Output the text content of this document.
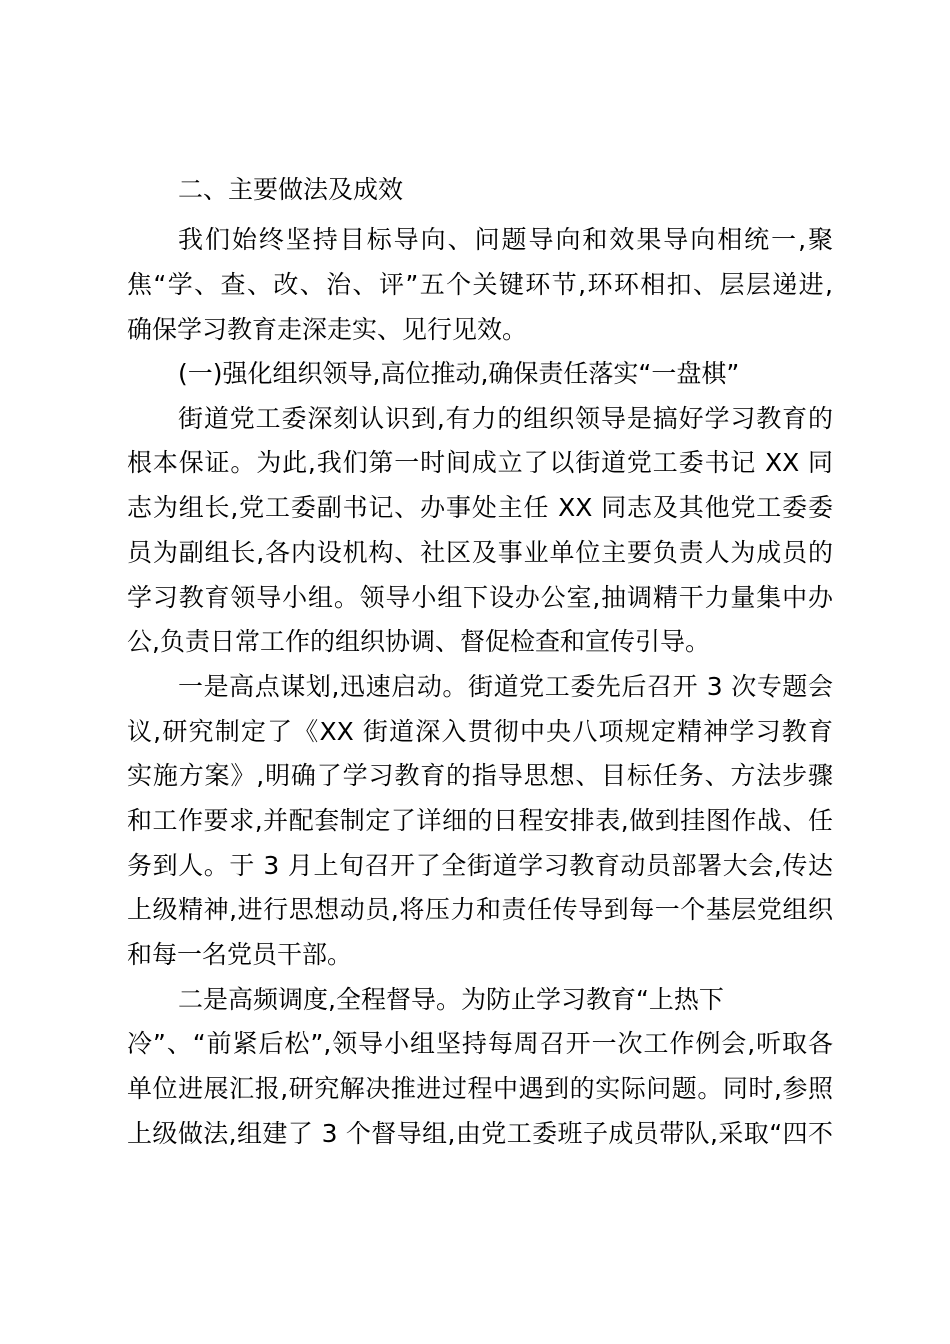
二、主要做法及成效
我们始终坚持目标导向、问题导向和效果导向相统一,聚
焦“学、查、改、治、评”五个关键环节,环环相扣、层层递进,
确保学习教育走深走实、见行见效。
(一)强化组织领导,高位推动,确保责任落实“一盘棋”
街道党工委深刻认识到,有力的组织领导是搞好学习教育的
根本保证。为此,我们第一时间成立了以街道党工委书记 XX 同
志为组长,党工委副书记、办事处主任 XX 同志及其他党工委委
员为副组长,各内设机构、社区及事业单位主要负责人为成员的
学习教育领导小组。领导小组下设办公室,抽调精干力量集中办
公,负责日常工作的组织协调、督促检查和宣传引导。
一是高点谋划,迅速启动。街道党工委先后召开 3 次专题会
议,研究制定了《XX 街道深入贯彻中央八项规定精神学习教育
实施方案》,明确了学习教育的指导思想、目标任务、方法步骤
和工作要求,并配套制定了详细的日程安排表,做到挂图作战、任
务到人。于 3 月上旬召开了全街道学习教育动员部署大会,传达
上级精神,进行思想动员,将压力和责任传导到每一个基层党组织
和每一名党员干部。
二是高频调度,全程督导。为防止学习教育“上热下
冷”、“前紧后松”,领导小组坚持每周召开一次工作例会,听取各
单位进展汇报,研究解决推进过程中遇到的实际问题。同时,参照
上级做法,组建了 3 个督导组,由党工委班子成员带队,采取“四不
